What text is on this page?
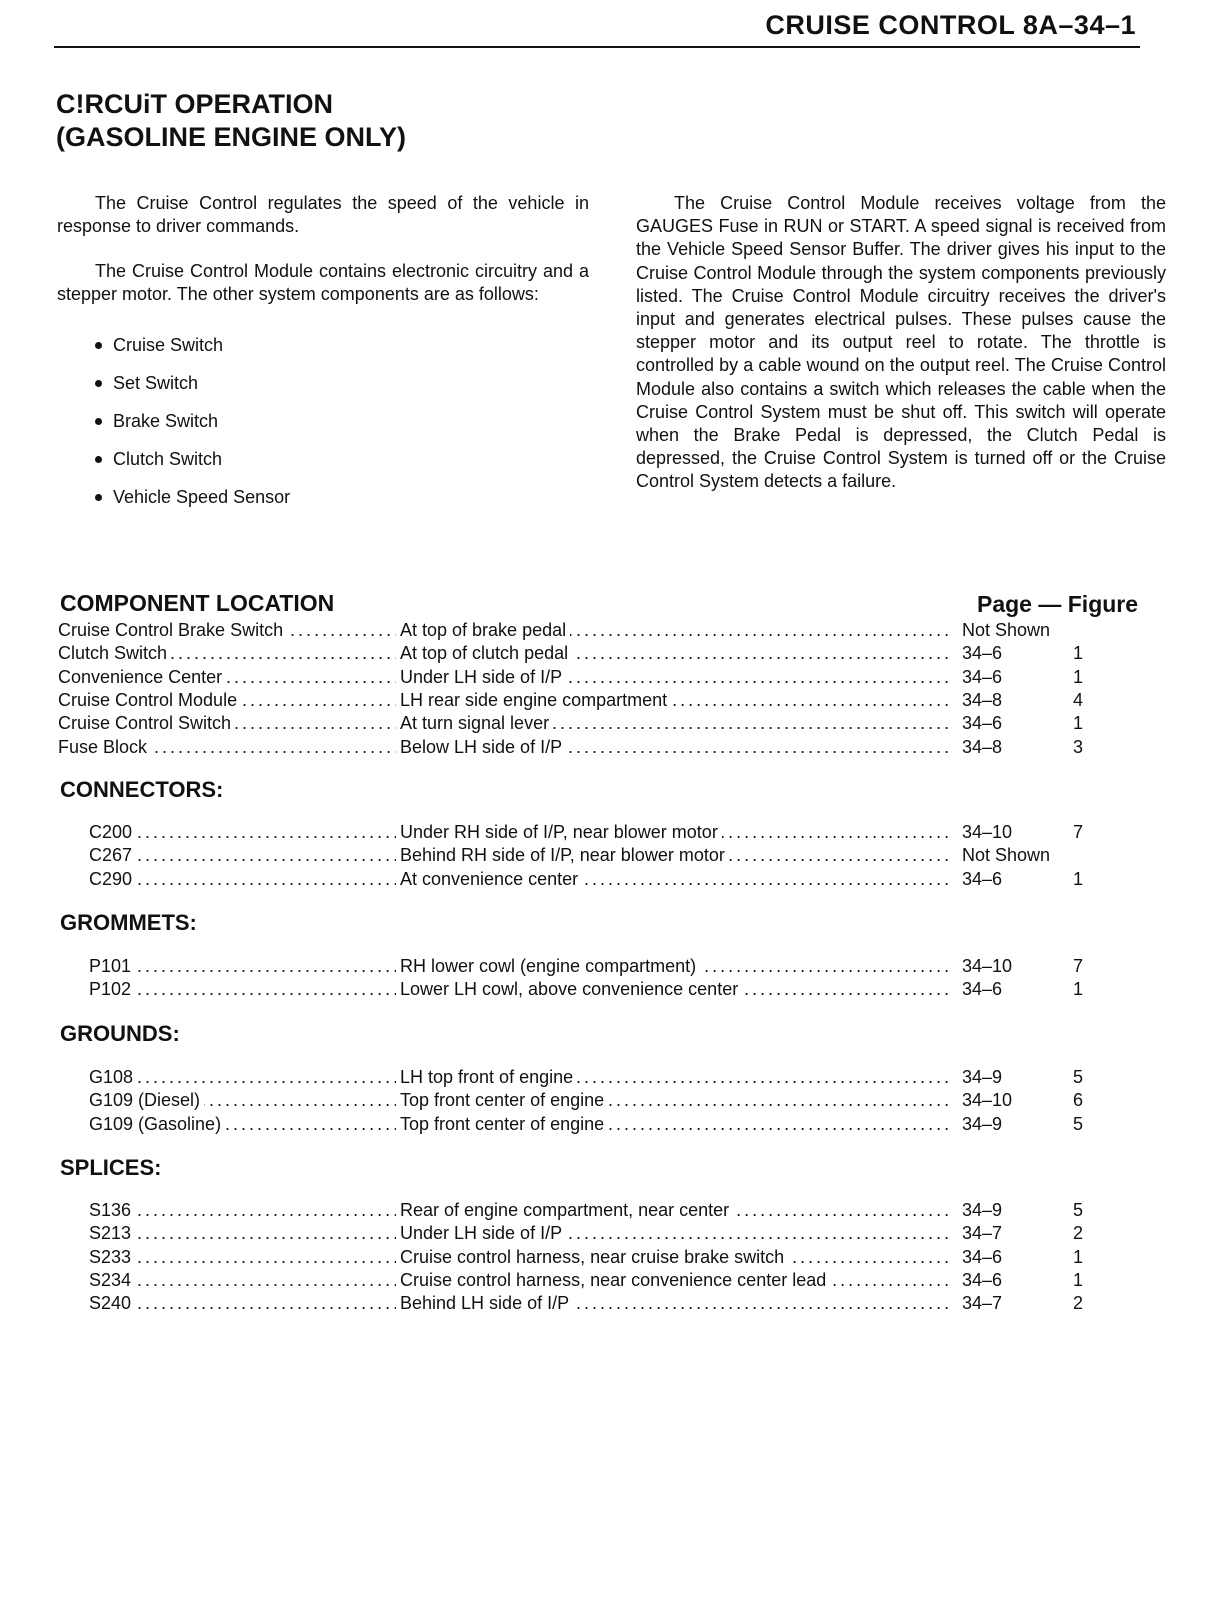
CRUISE CONTROL 8A–34–1
C!RCUiT OPERATION
(GASOLINE ENGINE ONLY)

The Cruise Control regulates the speed of the vehicle in response to driver commands.

The Cruise Control Module contains electronic circuitry and a stepper motor. The other system components are as follows:

Cruise Switch
Set Switch
Brake Switch
Clutch Switch
Vehicle Speed Sensor

The Cruise Control Module receives voltage from the GAUGES Fuse in RUN or START. A speed signal is received from the Vehicle Speed Sensor Buffer. The driver gives his input to the Cruise Control Module through the system components previously listed. The Cruise Control Module circuitry receives the driver's input and generates electrical pulses. These pulses cause the stepper motor and its output reel to rotate. The throttle is controlled by a cable wound on the output reel. The Cruise Control Module also contains a switch which releases the cable when the Cruise Control System must be shut off. This switch will operate when the Brake Pedal is depressed, the Clutch Pedal is depressed, the Cruise Control System is turned off or the Cruise Control System detects a failure.

COMPONENT LOCATION	Page — Figure
CONNECTORS:
GROMMETS:
GROUNDS:
SPLICES:
Cruise Control Brake Switch . . .	At top of brake pedal . . .	Not Shown
Clutch Switch . . .	At top of clutch pedal . . .	34–6	1
Convenience Center . . .	Under LH side of I/P . . .	34–6	1
Cruise Control Module . . .	LH rear side engine compartment . . .	34–8	4
Cruise Control Switch . . .	At turn signal lever . . .	34–6	1
Fuse Block . . .	Below LH side of I/P . . .	34–8	3
C200 . . .	Under RH side of I/P, near blower motor . . .	34–10	7
C267 . . .	Behind RH side of I/P, near blower motor . . .	Not Shown
C290 . . .	At convenience center . . .	34–6	1
P101 . . .	RH lower cowl (engine compartment) . . .	34–10	7
P102 . . .	Lower LH cowl, above convenience center . . .	34–6	1
G108 . . .	LH top front of engine . . .	34–9	5
G109 (Diesel) . . .	Top front center of engine . . .	34–10	6
G109 (Gasoline) . . .	Top front center of engine . . .	34–9	5
S136 . . .	Rear of engine compartment, near center . . .	34–9	5
S213 . . .	Under LH side of I/P . . .	34–7	2
S233 . . .	Cruise control harness, near cruise brake switch . . .	34–6	1
S234 . . .	Cruise control harness, near convenience center lead . . .	34–6	1
S240 . . .	Behind LH side of I/P . . .	34–7	2
